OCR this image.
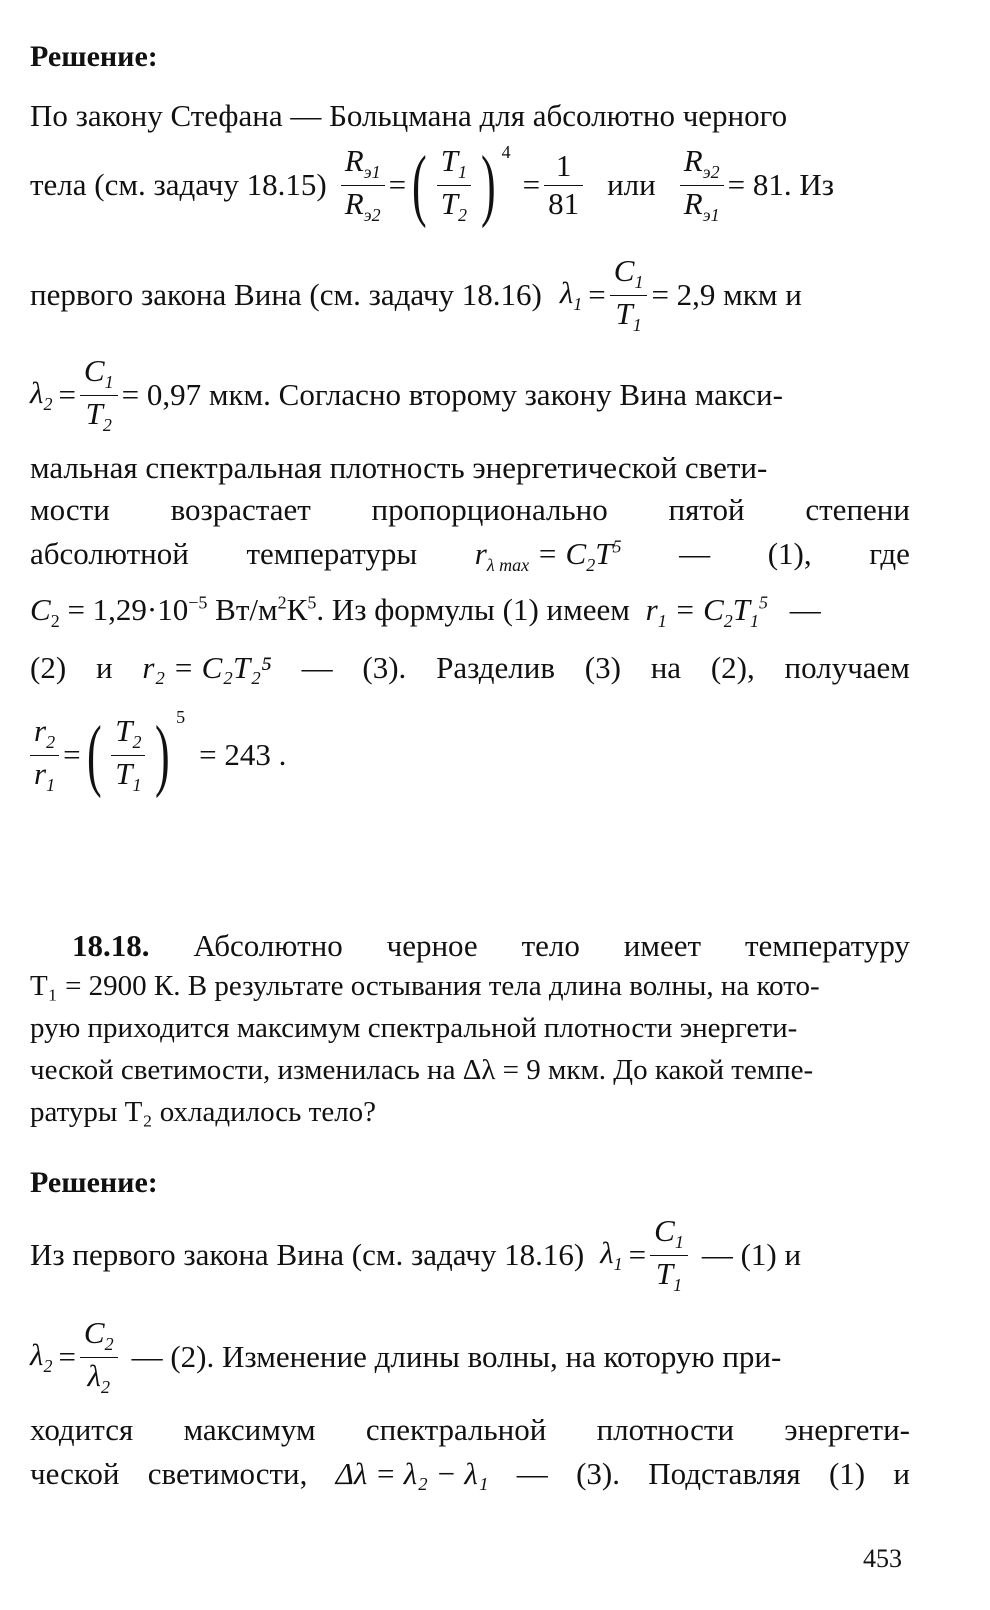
Решение:
По закону Стефана — Больцмана для абсолютно черного
тела (см. задачу $18.15) \frac{R_{э1}}{R_{э2}}$ = ( $\frac{T_1}{T_2}$ ) 4
= $\frac{1}{81}$ или $\frac{R_{э2}}{R_{э1}} = 81$. Из
первого закона Вина (см. задачу 18.16) $\lambda_1 = \frac{C_1}{T_1} = 2,9$ мкм и
$\lambda_2 = \frac{C_1}{T_2} = 0,97$ мкм. Согласно второму закону Вина макси-
мальная спектральная плотность энергетической свети-
мости возрастает пропорционально пятой степени
абсолютной температуры $r_{\lambda max} = C_2T^5$ — (1), где
$C_2 = 1,29\cdot 10^{-5}$ $Вт/м^2К^5$. Из формулы (1) имеем $r_1 = C_2T_1^5$ —
(2) и r₂ = C₂T₂⁵ — (3). Разделив (3) на (2), получаем
$\frac{r_2}{r_1}$ = ( $\frac{T_2}{T_1}$ ) 5
= 243 .
18.18. Абсолютно черное тело имеет температуру
T₁ = 2900 К. В результате остывания тела длина волны, на кото-
рую приходится максимум спектральной плотности энергети-
ческой светимости, изменилась на Δλ = 9 мкм. До какой темпе-
ратуры T₂ охладилось тело?
Решение:
Из первого закона Вина (см. задачу 18.16) $\lambda_1 = \frac{C_1}{T_1}$ — (1) и
$\lambda_2 = \frac{C_2}{\lambda_2}$ — (2). Изменение длины волны, на которую при-
ходится максимум спектральной плотности энергети-
ческой светимости, Δλ = λ₂ − λ₁ — (3). Подставляя (1) и
453
